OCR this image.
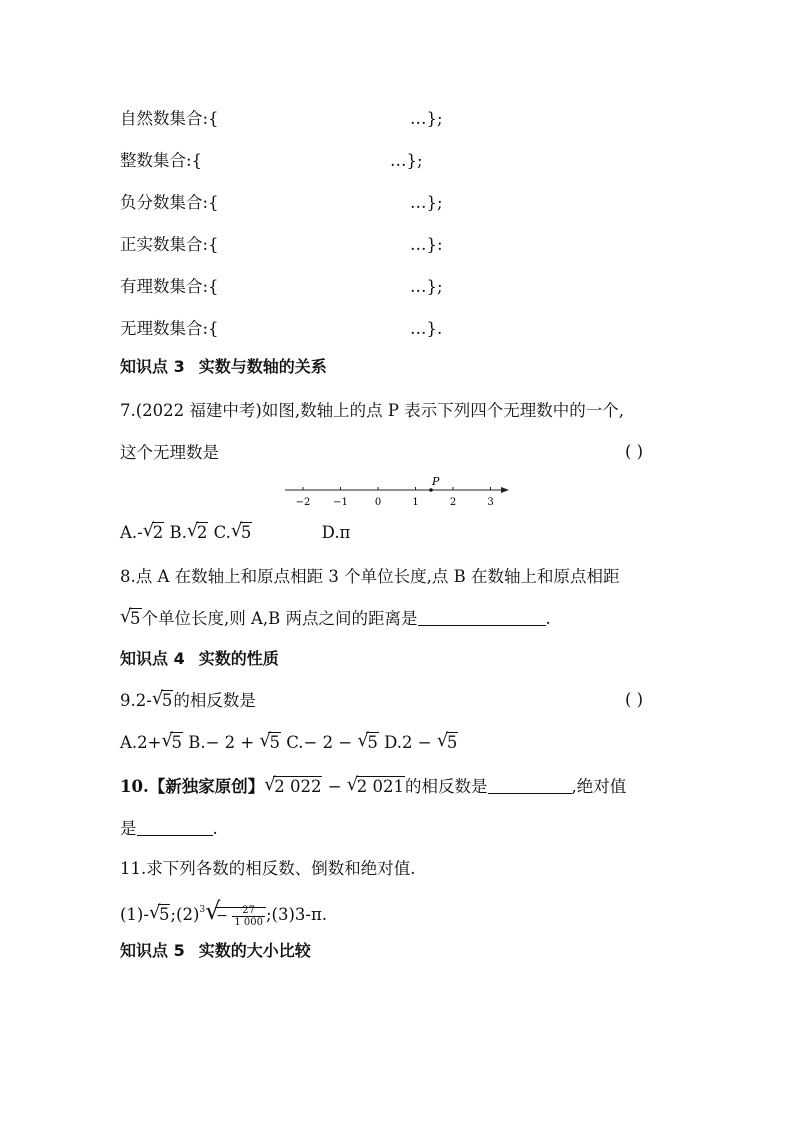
自然数集合:{	…};
整数集合:{	…};
负分数集合:{	…};
正实数集合:{	…}:
有理数集合:{	…};
无理数集合:{	…}.
知识点 3 实数与数轴的关系
7.(2022 福建中考)如图,数轴上的点 P 表示下列四个无理数中的一个,
这个无理数是	( )
−2 −1	0	1	2	3
P
A.- √
2 B. √
2 C. √
5	D.π
8.点 A 在数轴上和原点相距 3 个单位长度,点 B 在数轴上和原点相距
√
5个单位长度,则 A,B 两点之间的距离是	.
知识点 4 实数的性质
9.2- √
5的相反数是	( )
A.2+ √
5 B.− 2 + √
5 C.− 2 − √
5 D.2 − √
5
10.【新独家原创】 √
2 022 − √
2 021的相反数是	,绝对值
是	.
11.求下列各数的相反数、倒数和绝对值.
(1)- √
$5;(2)^3$ √
− $\frac{27}{1 000}$ ;(3)3-π.
知识点 5 实数的大小比较
